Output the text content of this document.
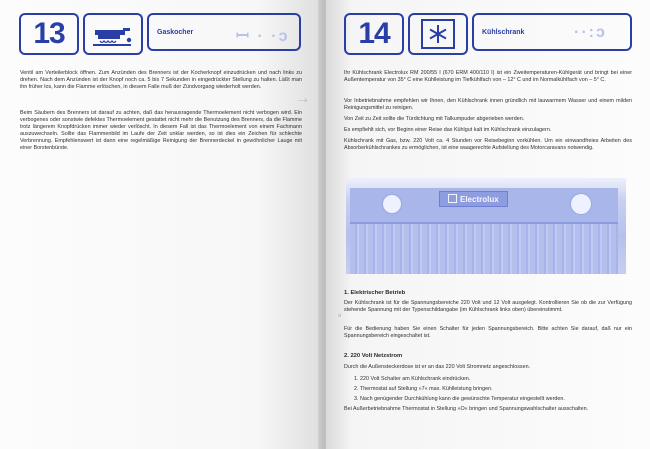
13	Gaskocher	ꟷ · ·ɔ
Ventil am Verteilerblock öffnen. Zum Anzünden des Brenners ist der Kocherknopf einzudrücken und nach links zu drehen. Nach dem Anzünden ist der Knopf noch ca. 5 bis 7 Sekunden in eingedrückter Stellung zu halten. Läßt man ihn früher los, kann die Flamme erlöschen, in diesem Falle muß der Zündvorgang wiederholt werden.
Beim Säubern des Brenners ist darauf zu achten, daß das herausragende Thermoelement nicht verbogen wird. Ein verbogenes oder sonstwie defektes Thermoelement gestattet nicht mehr die Benutzung des Brenners, da die Flamme trotz längerem Knopfdrücken immer wieder verlöscht. In diesem Fall ist das Thermoelement von einem Fachmann auszuwechseln. Sollte das Flammenbild im Laufe der Zeit unklar werden, so ist dies ein Zeichen für schlechte Verbrennung. Empfehlenswert ist dann eine regelmäßige Reinigung der Brennerdeckel in gewöhnlicher Lauge mit einer Borstenbürste.
—ə
14	Kühlschrank	··:ɔ
Ihr Kühlschrank Electrolux RM 200/55 I (670 ERM 400/110 I) ist ein Zweitemperaturen-Kühlgerät und bringt bei einer Außentemperatur von 35° C eine Kühlleistung im Tiefkühlfach von – 12° C und im Normalkühlfach von – 5° C.
Vor Inbetriebnahme empfehlen wir Ihnen, den Kühlschrank innen gründlich mit lauwarmem Wasser und einem milden Reinigungsmittel zu reinigen.
Von Zeit zu Zeit sollte die Türdichtung mit Talkumpuder abgerieben werden.
Es empfiehlt sich, vor Beginn einer Reise das Kühlgut kalt im Kühlschrank einzulagern.
Kühlschrank mit Gas, bzw. 220 Volt ca. 4 Stunden vor Reisebeginn vorkühlen. Um ein einwandfreies Arbeiten des Absorberkühlschrankes zu ermöglichen, ist eine waagerechte Aufstellung des Motorcaravans notwendig.
Electrolux
1. Elektrischer Betrieb
Der Kühlschrank ist für die Spannungsbereiche 220 Volt und 12 Volt ausgelegt. Kontrollieren Sie ob die zur Verfügung stehende Spannung mit der Typenschildangabe (im Kühlschrank links oben) übereinstimmt.
Für die Bedienung haben Sie einen Schalter für jeden Spannungsbereich. Bitte achten Sie darauf, daß nur ein Spannungsbereich eingeschaltet ist.
2. 220 Volt Netzstrom
Durch die Außensteckerdose ist er an das 220 Volt Stromnetz angeschlossen.
1. 220 Volt Schalter am Kühlschrank eindrücken.
2. Thermostat auf Stellung »7« max. Kühlleistung bringen.
3. Nach genügender Durchkühlung kann die gewünschte Temperatur eingestellt werden.
Bei Außerbetriebnahme Thermostat in Stellung »O« bringen und Spannungswahlschalter ausschalten.
ə
